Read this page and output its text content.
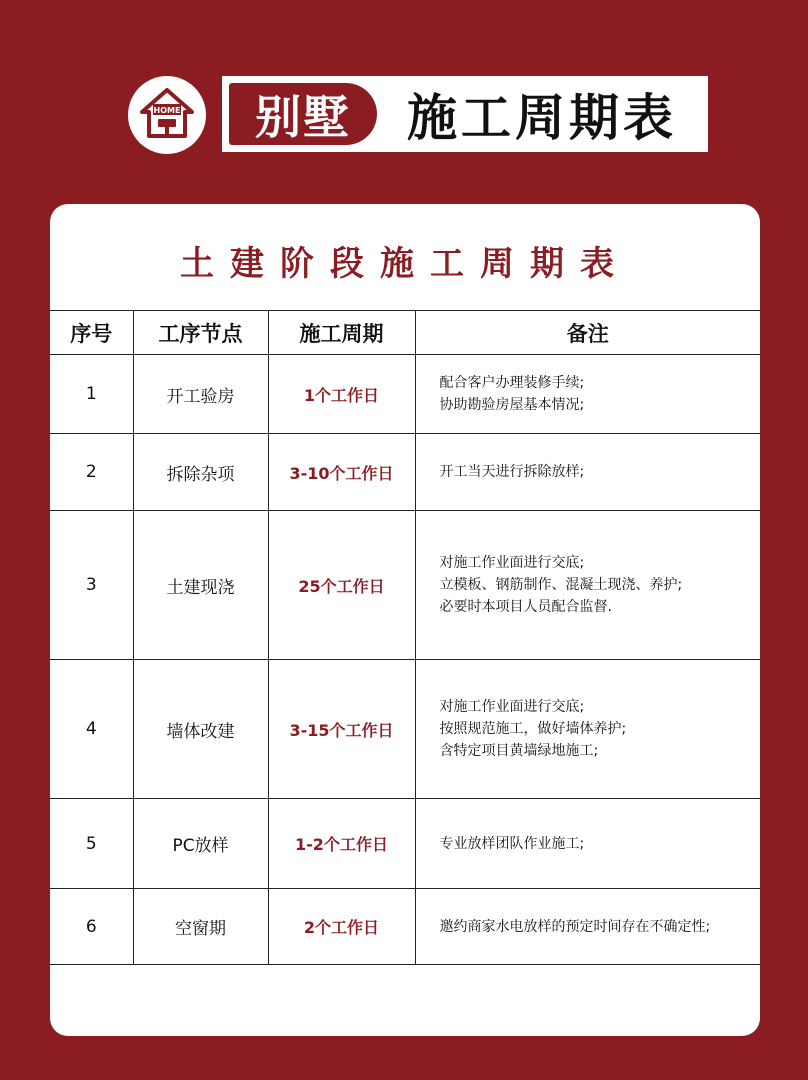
HOME	别墅	施工周期表
土建阶段施工周期表
序号	工序节点	施工周期	备注
1	开工验房	1个工作日	配合客户办理装修手续;
协助勘验房屋基本情况;

2	拆除杂项	3-10个工作日	开工当天进行拆除放样;

3	土建现浇	25个工作日	对施工作业面进行交底;
立模板、钢筋制作、混凝土现浇、养护;
必要时本项目人员配合监督.

4	墙体改建	3-15个工作日	对施工作业面进行交底;
按照规范施工，做好墙体养护;
含特定项目黄墙绿地施工;

5	PC放样	1-2个工作日	专业放样团队作业施工;

6	空窗期	2个工作日	邀约商家水电放样的预定时间存在不确定性;
